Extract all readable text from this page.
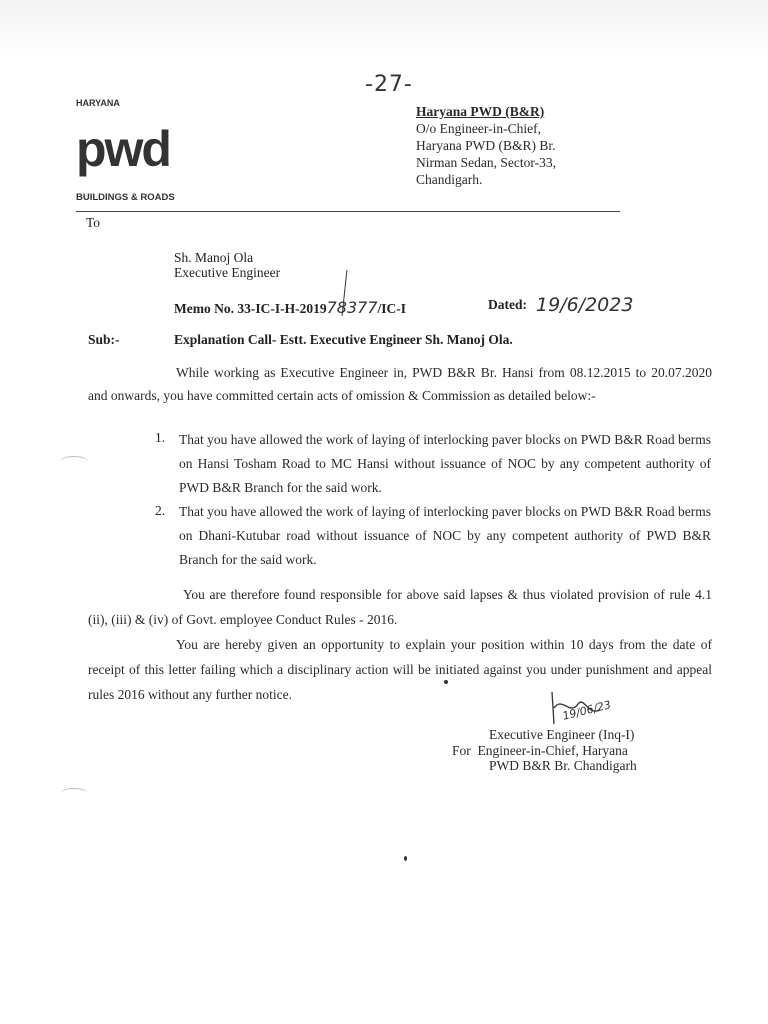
-27-
HARYANA
pwd
BUILDINGS & ROADS
Haryana PWD (B&R)
O/o Engineer-in-Chief,
Haryana PWD (B&R) Br.
Nirman Sedan, Sector-33,
Chandigarh.
To
Sh. Manoj Ola
Executive Engineer
Memo No. 33-IC-I-H-201978377/IC-I	Dated: 19/6/2023
Sub:-	Explanation Call- Estt. Executive Engineer Sh. Manoj Ola.
While working as Executive Engineer in, PWD B&R Br. Hansi from 08.12.2015 to 20.07.2020 and onwards, you have committed certain acts of omission & Commission as detailed below:-
1. That you have allowed the work of laying of interlocking paver blocks on PWD B&R Road berms on Hansi Tosham Road to MC Hansi without issuance of NOC by any competent authority of PWD B&R Branch for the said work.
2. That you have allowed the work of laying of interlocking paver blocks on PWD B&R Road berms on Dhani-Kutubar road without issuance of NOC by any competent authority of PWD B&R Branch for the said work.
You are therefore found responsible for above said lapses & thus violated provision of rule 4.1 (ii), (iii) & (iv) of Govt. employee Conduct Rules - 2016.
You are hereby given an opportunity to explain your position within 10 days from the date of receipt of this letter failing which a disciplinary action will be initiated against you under punishment and appeal rules 2016 without any further notice.
19/06/23
Executive Engineer (Inq-I)
For  Engineer-in-Chief, Haryana
PWD B&R Br. Chandigarh
